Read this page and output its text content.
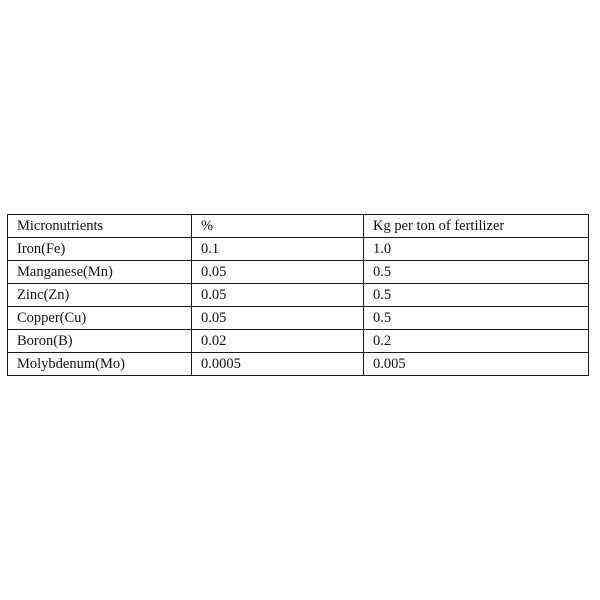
Micronutrients	%	Kg per ton of fertilizer
Iron(Fe)	0.1	1.0
Manganese(Mn)	0.05	0.5
Zinc(Zn)	0.05	0.5
Copper(Cu)	0.05	0.5
Boron(B)	0.02	0.2
Molybdenum(Mo)	0.0005	0.005
